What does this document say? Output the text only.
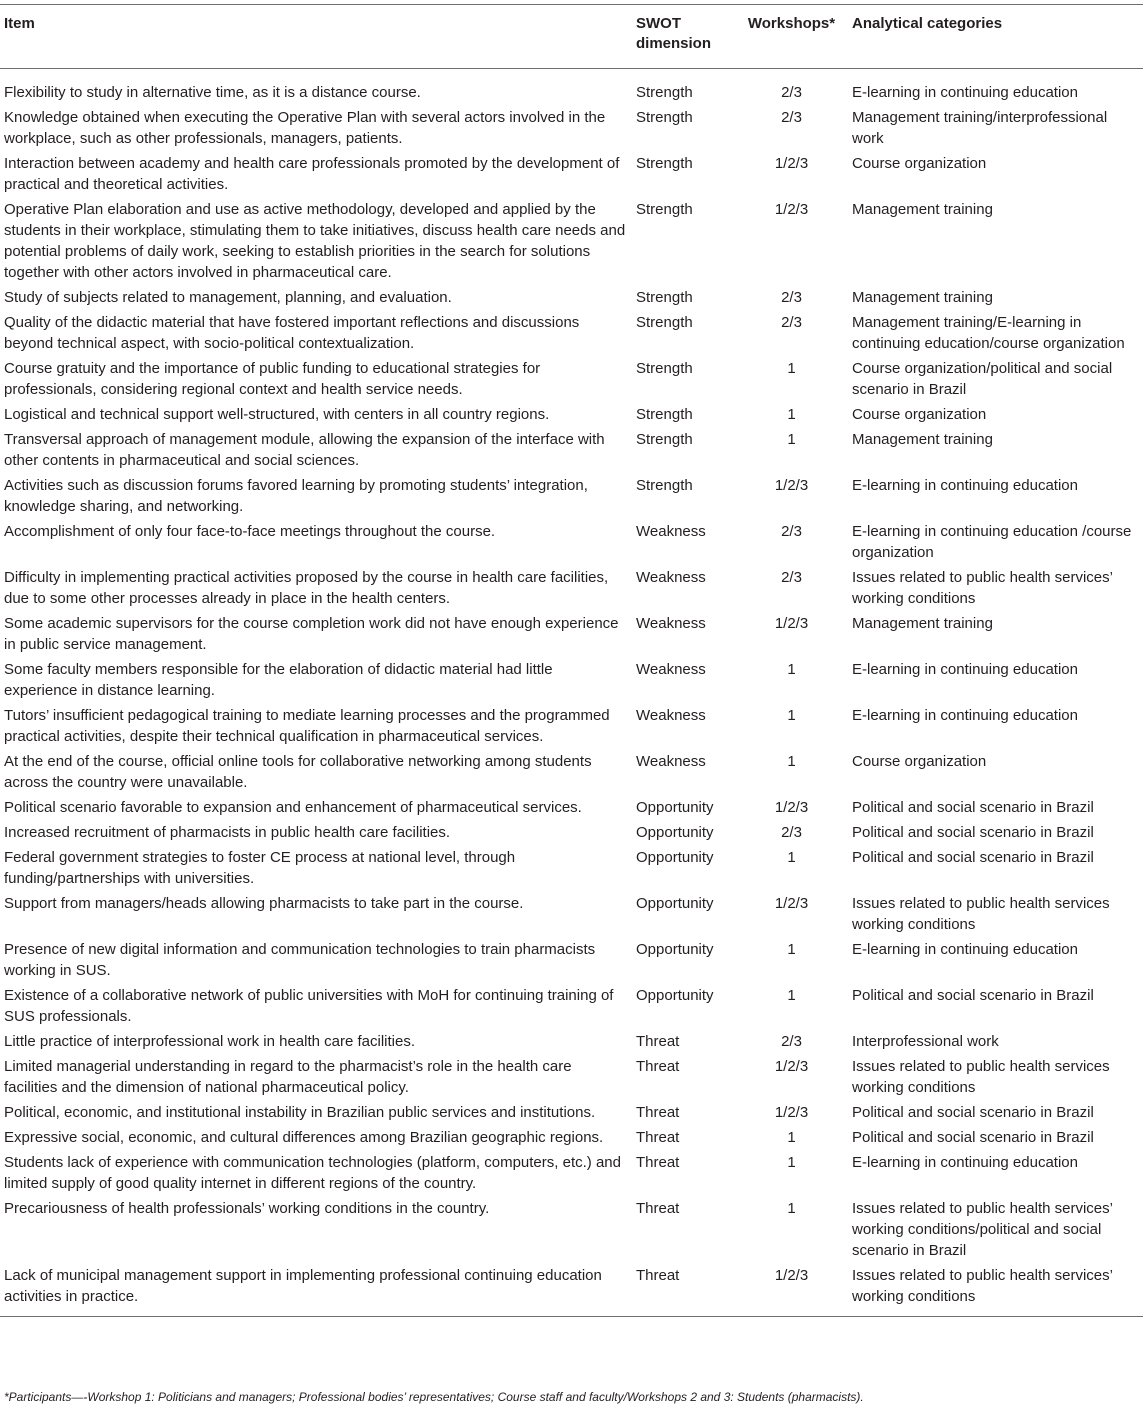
Item	SWOT dimension	Workshops*	Analytical categories
Flexibility to study in alternative time, as it is a distance course.	Strength	2/3	E-learning in continuing education
Knowledge obtained when executing the Operative Plan with several actors involved in the workplace, such as other professionals, managers, patients.	Strength	2/3	Management training/interprofessional work
Interaction between academy and health care professionals promoted by the development of practical and theoretical activities.	Strength	1/2/3	Course organization
Operative Plan elaboration and use as active methodology, developed and applied by the students in their workplace, stimulating them to take initiatives, discuss health care needs and potential problems of daily work, seeking to establish priorities in the search for solutions together with other actors involved in pharmaceutical care.	Strength	1/2/3	Management training
Study of subjects related to management, planning, and evaluation.	Strength	2/3	Management training
Quality of the didactic material that have fostered important reflections and discussions beyond technical aspect, with socio-political contextualization.	Strength	2/3	Management training/E-learning in continuing education/course organization
Course gratuity and the importance of public funding to educational strategies for professionals, considering regional context and health service needs.	Strength	1	Course organization/political and social scenario in Brazil
Logistical and technical support well-structured, with centers in all country regions.	Strength	1	Course organization
Transversal approach of management module, allowing the expansion of the interface with other contents in pharmaceutical and social sciences.	Strength	1	Management training
Activities such as discussion forums favored learning by promoting students’ integration, knowledge sharing, and networking.	Strength	1/2/3	E-learning in continuing education
Accomplishment of only four face-to-face meetings throughout the course.	Weakness	2/3	E-learning in continuing education /course organization
Difficulty in implementing practical activities proposed by the course in health care facilities, due to some other processes already in place in the health centers.	Weakness	2/3	Issues related to public health services’ working conditions
Some academic supervisors for the course completion work did not have enough experience in public service management.	Weakness	1/2/3	Management training
Some faculty members responsible for the elaboration of didactic material had little experience in distance learning.	Weakness	1	E-learning in continuing education
Tutors’ insufficient pedagogical training to mediate learning processes and the programmed practical activities, despite their technical qualification in pharmaceutical services.	Weakness	1	E-learning in continuing education
At the end of the course, official online tools for collaborative networking among students across the country were unavailable.	Weakness	1	Course organization
Political scenario favorable to expansion and enhancement of pharmaceutical services.	Opportunity	1/2/3	Political and social scenario in Brazil
Increased recruitment of pharmacists in public health care facilities.	Opportunity	2/3	Political and social scenario in Brazil
Federal government strategies to foster CE process at national level, through funding/partnerships with universities.	Opportunity	1	Political and social scenario in Brazil
Support from managers/heads allowing pharmacists to take part in the course.	Opportunity	1/2/3	Issues related to public health services working conditions
Presence of new digital information and communication technologies to train pharmacists working in SUS.	Opportunity	1	E-learning in continuing education
Existence of a collaborative network of public universities with MoH for continuing training of SUS professionals.	Opportunity	1	Political and social scenario in Brazil
Little practice of interprofessional work in health care facilities.	Threat	2/3	Interprofessional work
Limited managerial understanding in regard to the pharmacist’s role in the health care facilities and the dimension of national pharmaceutical policy.	Threat	1/2/3	Issues related to public health services working conditions
Political, economic, and institutional instability in Brazilian public services and institutions.	Threat	1/2/3	Political and social scenario in Brazil
Expressive social, economic, and cultural differences among Brazilian geographic regions.	Threat	1	Political and social scenario in Brazil
Students lack of experience with communication technologies (platform, computers, etc.) and limited supply of good quality internet in different regions of the country.	Threat	1	E-learning in continuing education
Precariousness of health professionals’ working conditions in the country.	Threat	1	Issues related to public health services’ working conditions/political and social scenario in Brazil
Lack of municipal management support in implementing professional continuing education activities in practice.	Threat	1/2/3	Issues related to public health services’ working conditions
*Participants—-Workshop 1: Politicians and managers; Professional bodies’ representatives; Course staff and faculty/Workshops 2 and 3: Students (pharmacists).
